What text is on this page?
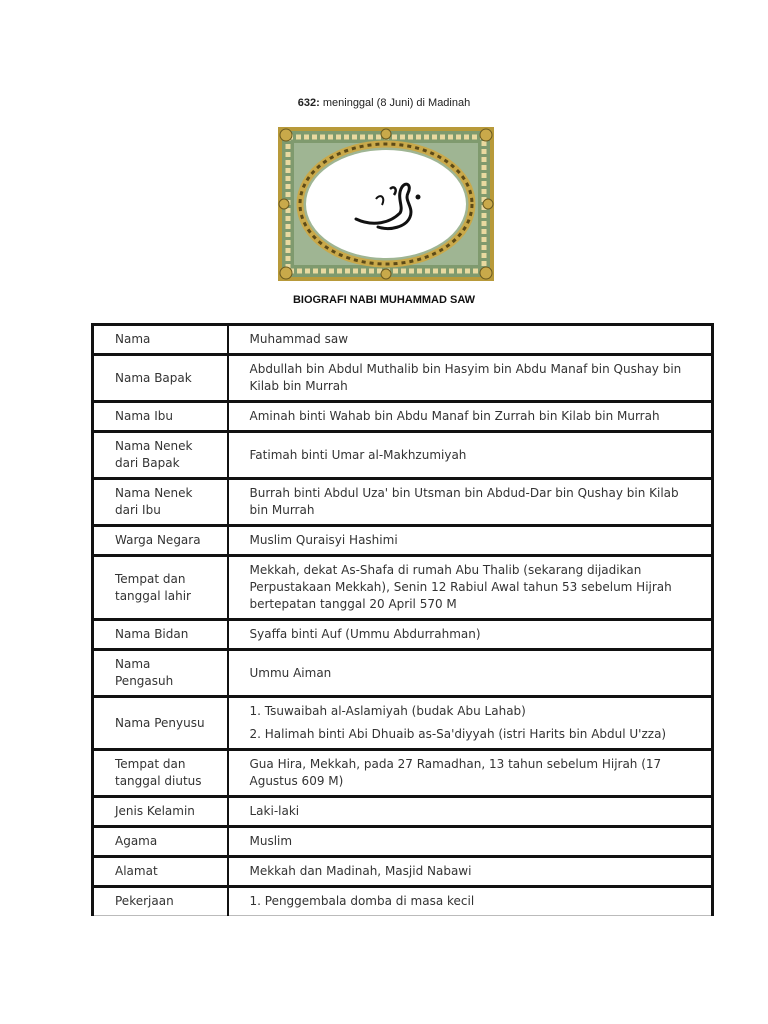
632: meninggal (8 Juni) di Madinah
BIOGRAFI NABI MUHAMMAD SAW
Nama	Muhammad saw

Nama Bapak	Abdullah bin Abdul Muthalib bin Hasyim bin Abdu Manaf bin Qushay bin Kilab bin Murrah

Nama Ibu	Aminah binti Wahab bin Abdu Manaf bin Zurrah bin Kilab bin Murrah

Nama Nenek dari Bapak	Fatimah binti Umar al-Makhzumiyah

Nama Nenek dari Ibu	Burrah binti Abdul Uza' bin Utsman bin Abdud-Dar bin Qushay bin Kilab bin Murrah

Warga Negara	Muslim Quraisyi Hashimi

Tempat dan tanggal lahir	Mekkah, dekat As-Shafa di rumah Abu Thalib (sekarang dijadikan Perpustakaan Mekkah), Senin 12 Rabiul Awal tahun 53 sebelum Hijrah bertepatan tanggal 20 April 570 M

Nama Bidan	Syaffa binti Auf (Ummu Abdurrahman)

Nama Pengasuh	Ummu Aiman

Nama Penyusu	1. Tsuwaibah al-Aslamiyah (budak Abu Lahab)

2. Halimah binti Abi Dhuaib as-Sa'diyyah (istri Harits bin Abdul U'zza)

Tempat dan tanggal diutus	Gua Hira, Mekkah, pada 27 Ramadhan, 13 tahun sebelum Hijrah (17 Agustus 609 M)

Jenis Kelamin	Laki-laki

Agama	Muslim

Alamat	Mekkah dan Madinah, Masjid Nabawi

Pekerjaan	1. Penggembala domba di masa kecil
